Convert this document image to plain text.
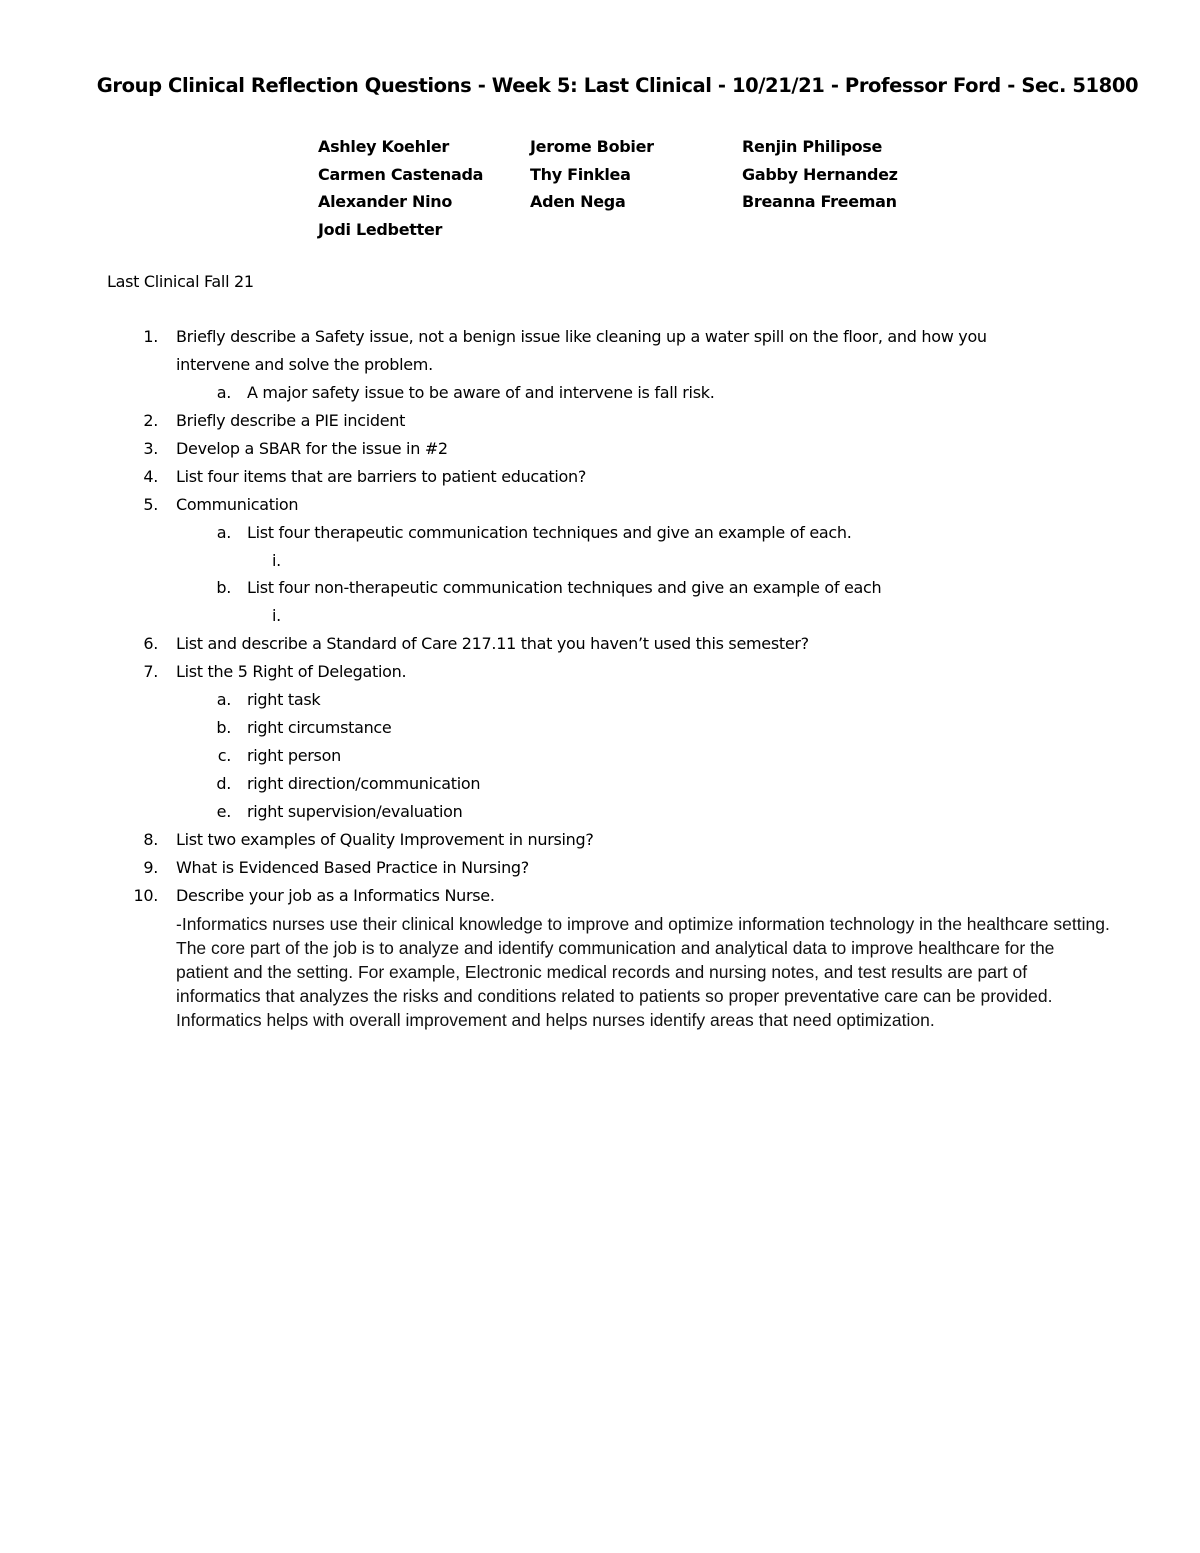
Group Clinical Reflection Questions - Week 5: Last Clinical - 10/21/21 - Professor Ford - Sec. 51800
Ashley Koehler
Carmen Castenada
Alexander Nino
Jodi Ledbetter
Jerome Bobier
Thy Finklea
Aden Nega
Renjin Philipose
Gabby Hernandez
Breanna Freeman
Last Clinical Fall 21
1. Briefly describe a Safety issue, not a benign issue like cleaning up a water spill on the floor, and how you
intervene and solve the problem.
a. A major safety issue to be aware of and intervene is fall risk.
2. Briefly describe a PIE incident
3. Develop a SBAR for the issue in #2
4. List four items that are barriers to patient education?
5. Communication
a. List four therapeutic communication techniques and give an example of each.
i.
b. List four non-therapeutic communication techniques and give an example of each
i.
6. List and describe a Standard of Care 217.11 that you haven’t used this semester?
7. List the 5 Right of Delegation.
a. right task
b. right circumstance
c. right person
d. right direction/communication
e. right supervision/evaluation
8. List two examples of Quality Improvement in nursing?
9. What is Evidenced Based Practice in Nursing?
10. Describe your job as a Informatics Nurse.
-Informatics nurses use their clinical knowledge to improve and optimize information technology in the healthcare setting. The core part of the job is to analyze and identify communication and analytical data to improve healthcare for the patient and the setting. For example, Electronic medical records and nursing notes, and test results are part of informatics that analyzes the risks and conditions related to patients so proper preventative care can be provided. Informatics helps with overall improvement and helps nurses identify areas that need optimization.
